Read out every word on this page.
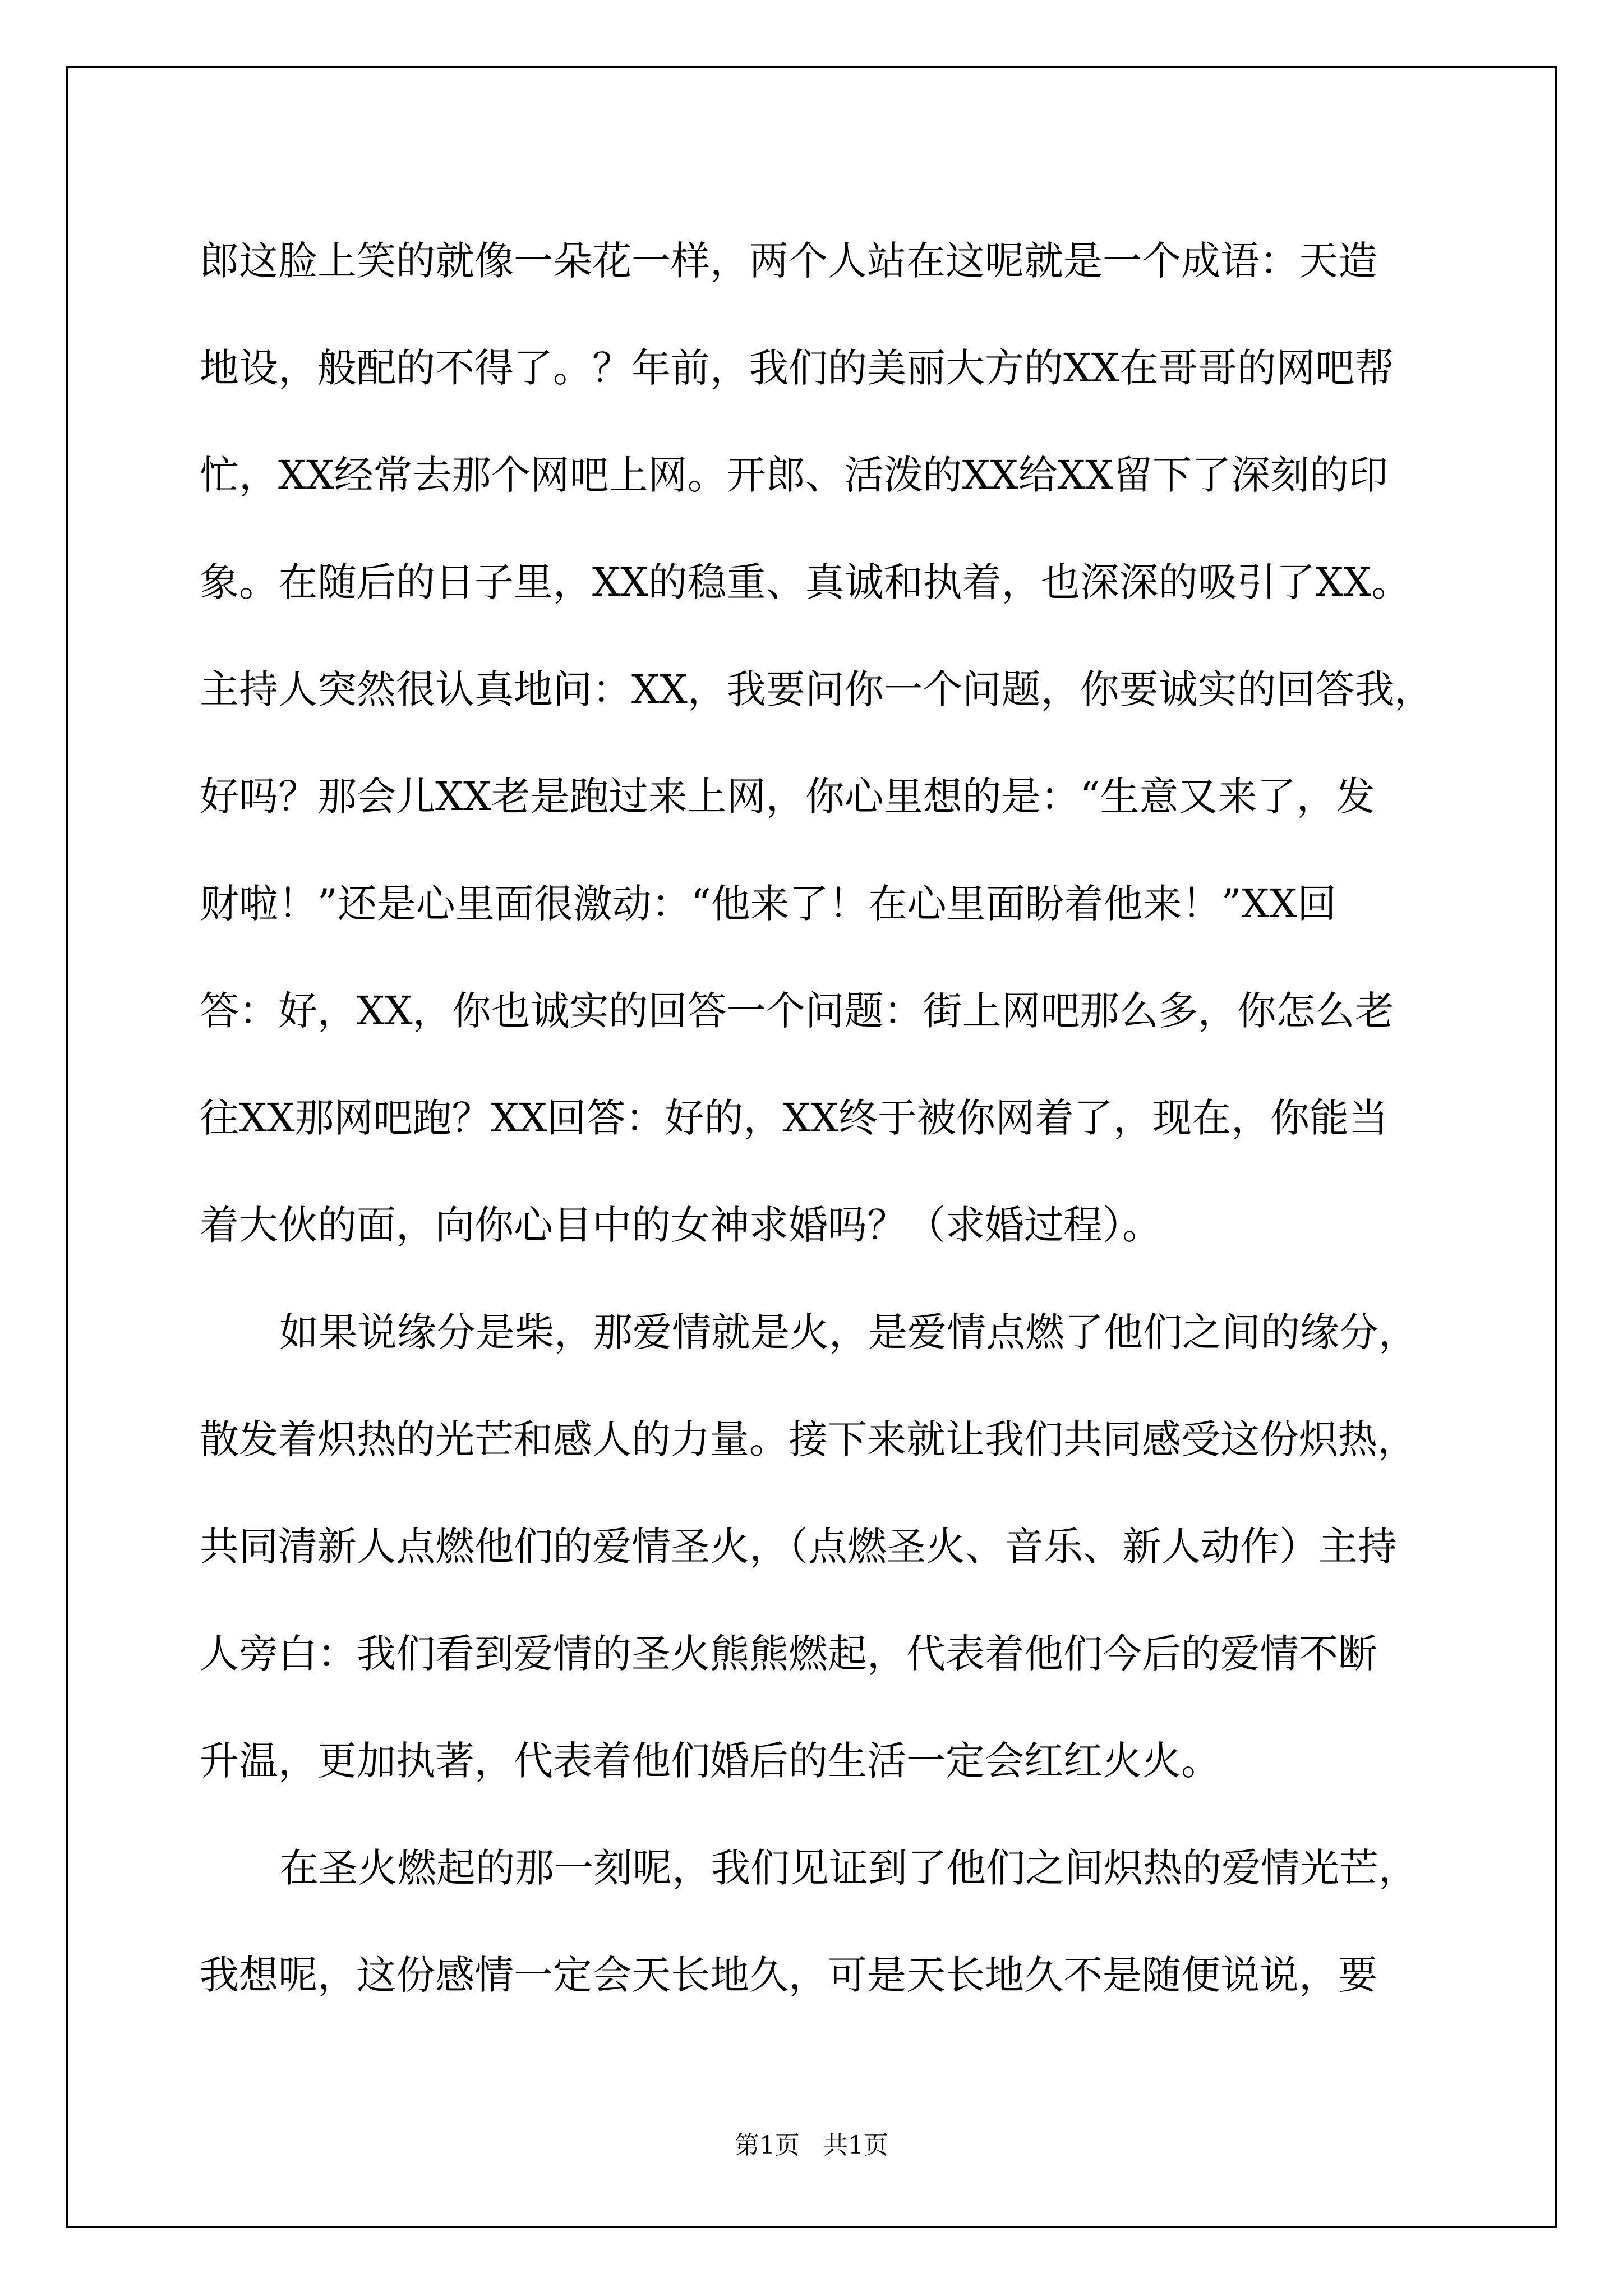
郎这脸上笑的就像一朵花一样，两个人站在这呢就是一个成语：天造
地设，般配的不得了。？年前，我们的美丽大方的XX在哥哥的网吧帮
忙，XX经常去那个网吧上网。开郎、活泼的XX给XX留下了深刻的印
象。在随后的日子里，XX的稳重、真诚和执着，也深深的吸引了XX。
主持人突然很认真地问：XX，我要问你一个问题，你要诚实的回答我，
好吗？那会儿XX老是跑过来上网，你心里想的是：“生意又来了，发
财啦！”还是心里面很激动：“他来了！在心里面盼着他来！”XX回
答：好，XX，你也诚实的回答一个问题：街上网吧那么多，你怎么老
往XX那网吧跑？XX回答：好的，XX终于被你网着了，现在，你能当
着大伙的面，向你心目中的女神求婚吗？（求婚过程）。
如果说缘分是柴，那爱情就是火，是爱情点燃了他们之间的缘分，
散发着炽热的光芒和感人的力量。接下来就让我们共同感受这份炽热，
共同清新人点燃他们的爱情圣火，（点燃圣火、音乐、新人动作）主持
人旁白：我们看到爱情的圣火熊熊燃起，代表着他们今后的爱情不断
升温，更加执著，代表着他们婚后的生活一定会红红火火。
在圣火燃起的那一刻呢，我们见证到了他们之间炽热的爱情光芒，
我想呢，这份感情一定会天长地久，可是天长地久不是随便说说，要
第1页   共1页
